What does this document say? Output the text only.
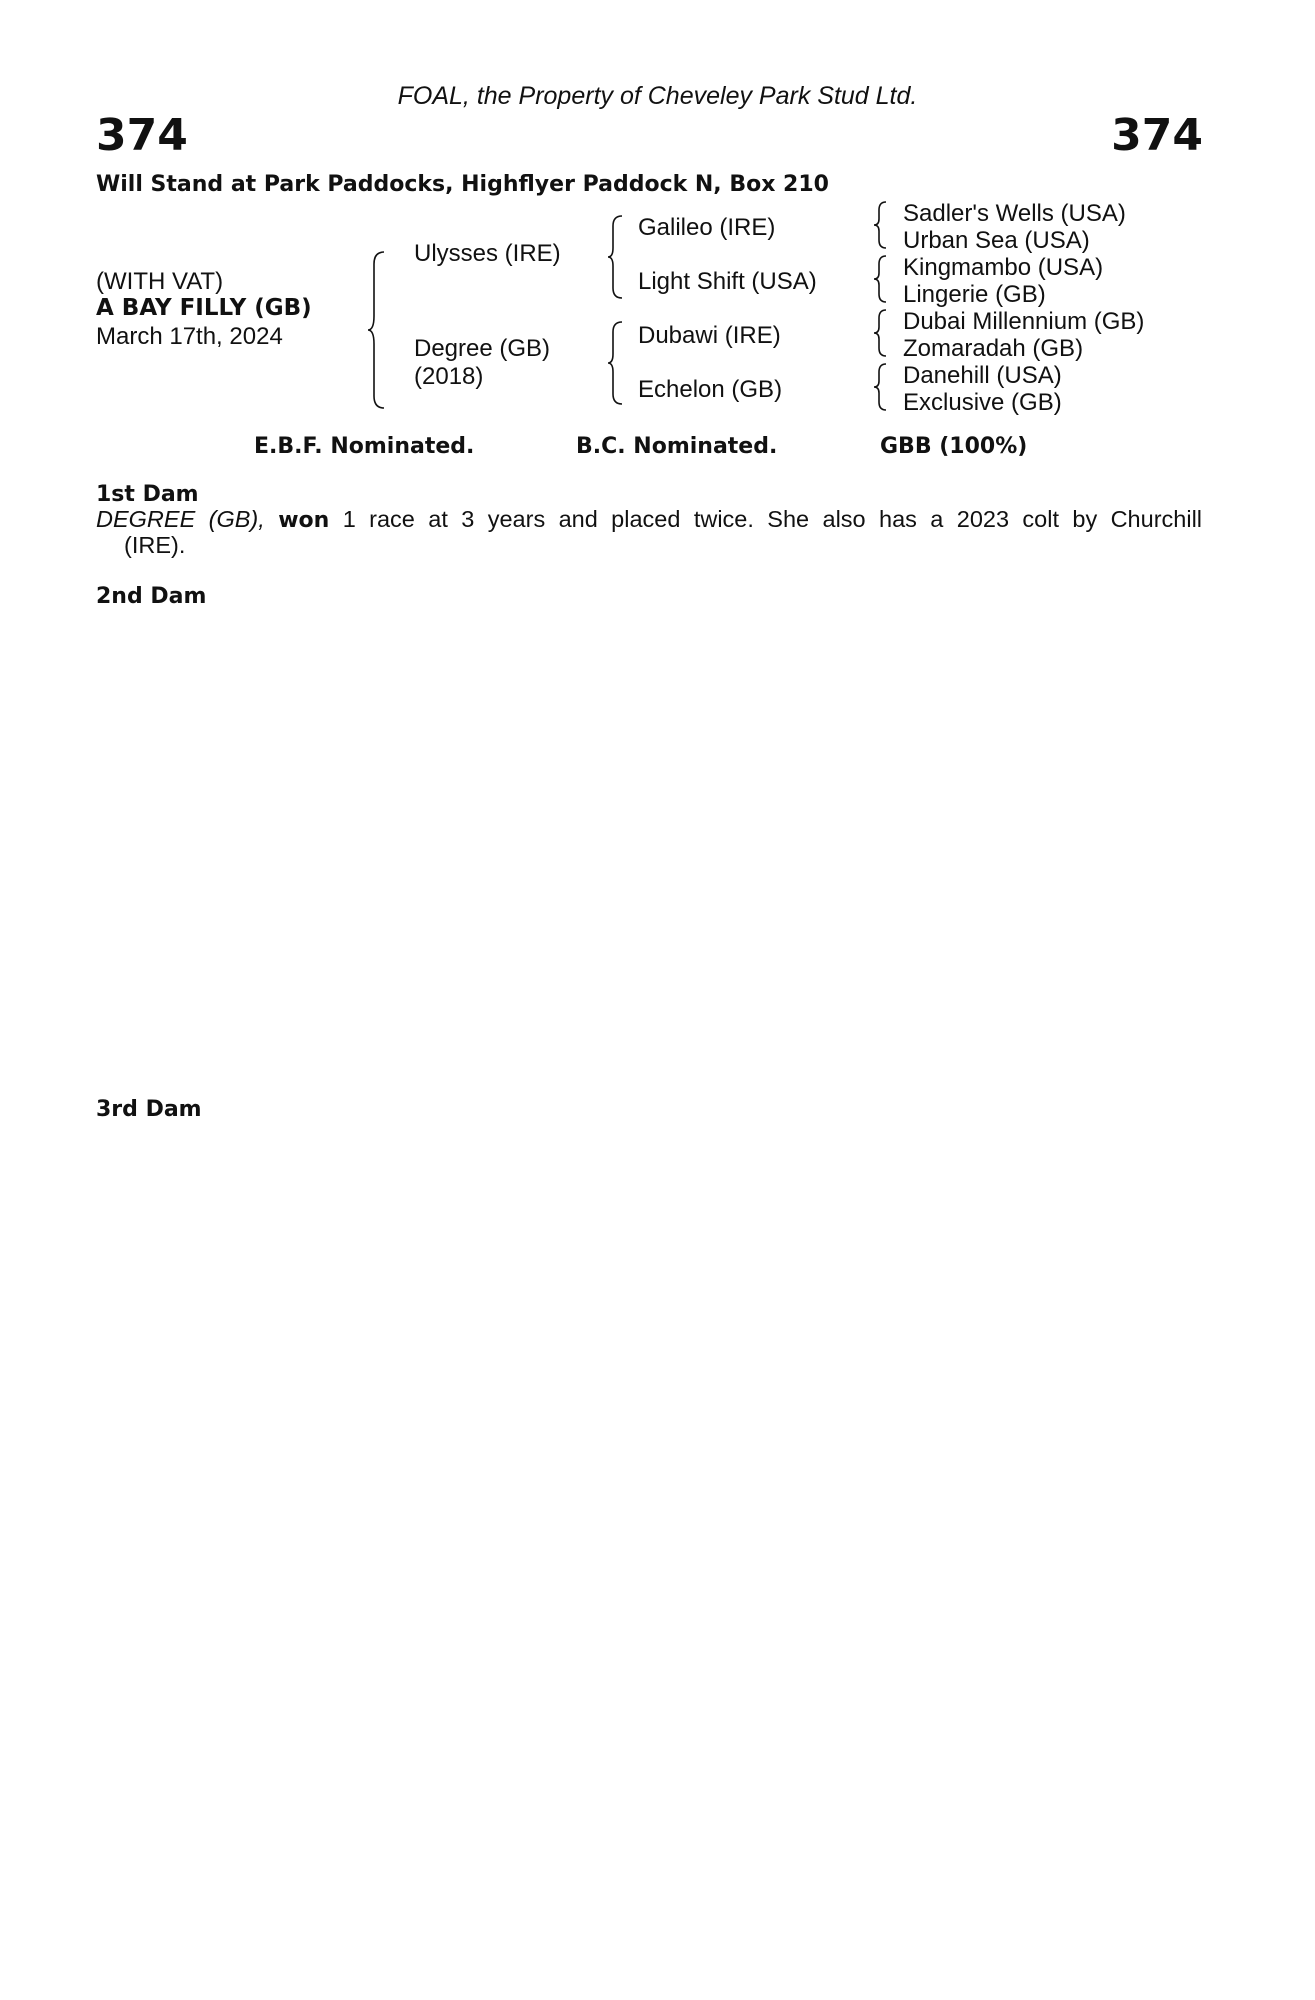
FOAL, the Property of Cheveley Park Stud Ltd.
374	374
Will Stand at Park Paddocks, Highflyer Paddock N, Box 210
(WITH VAT)
A BAY FILLY (GB)
March 17th, 2024
Ulysses (IRE)
Degree (GB)
(2018)
Galileo (IRE)
Light Shift (USA)
Dubawi (IRE)
Echelon (GB)
Sadler's Wells (USA)
Urban Sea (USA)
Kingmambo (USA)
Lingerie (GB)
Dubai Millennium (GB)
Zomaradah (GB)
Danehill (USA)
Exclusive (GB)
E.B.F. Nominated.	B.C. Nominated.	GBB (100%)
1st Dam
DEGREE (GB), won 1 race at 3 years and placed twice. She also has a 2023 colt by Churchill
(IRE).
2nd Dam
3rd Dam
